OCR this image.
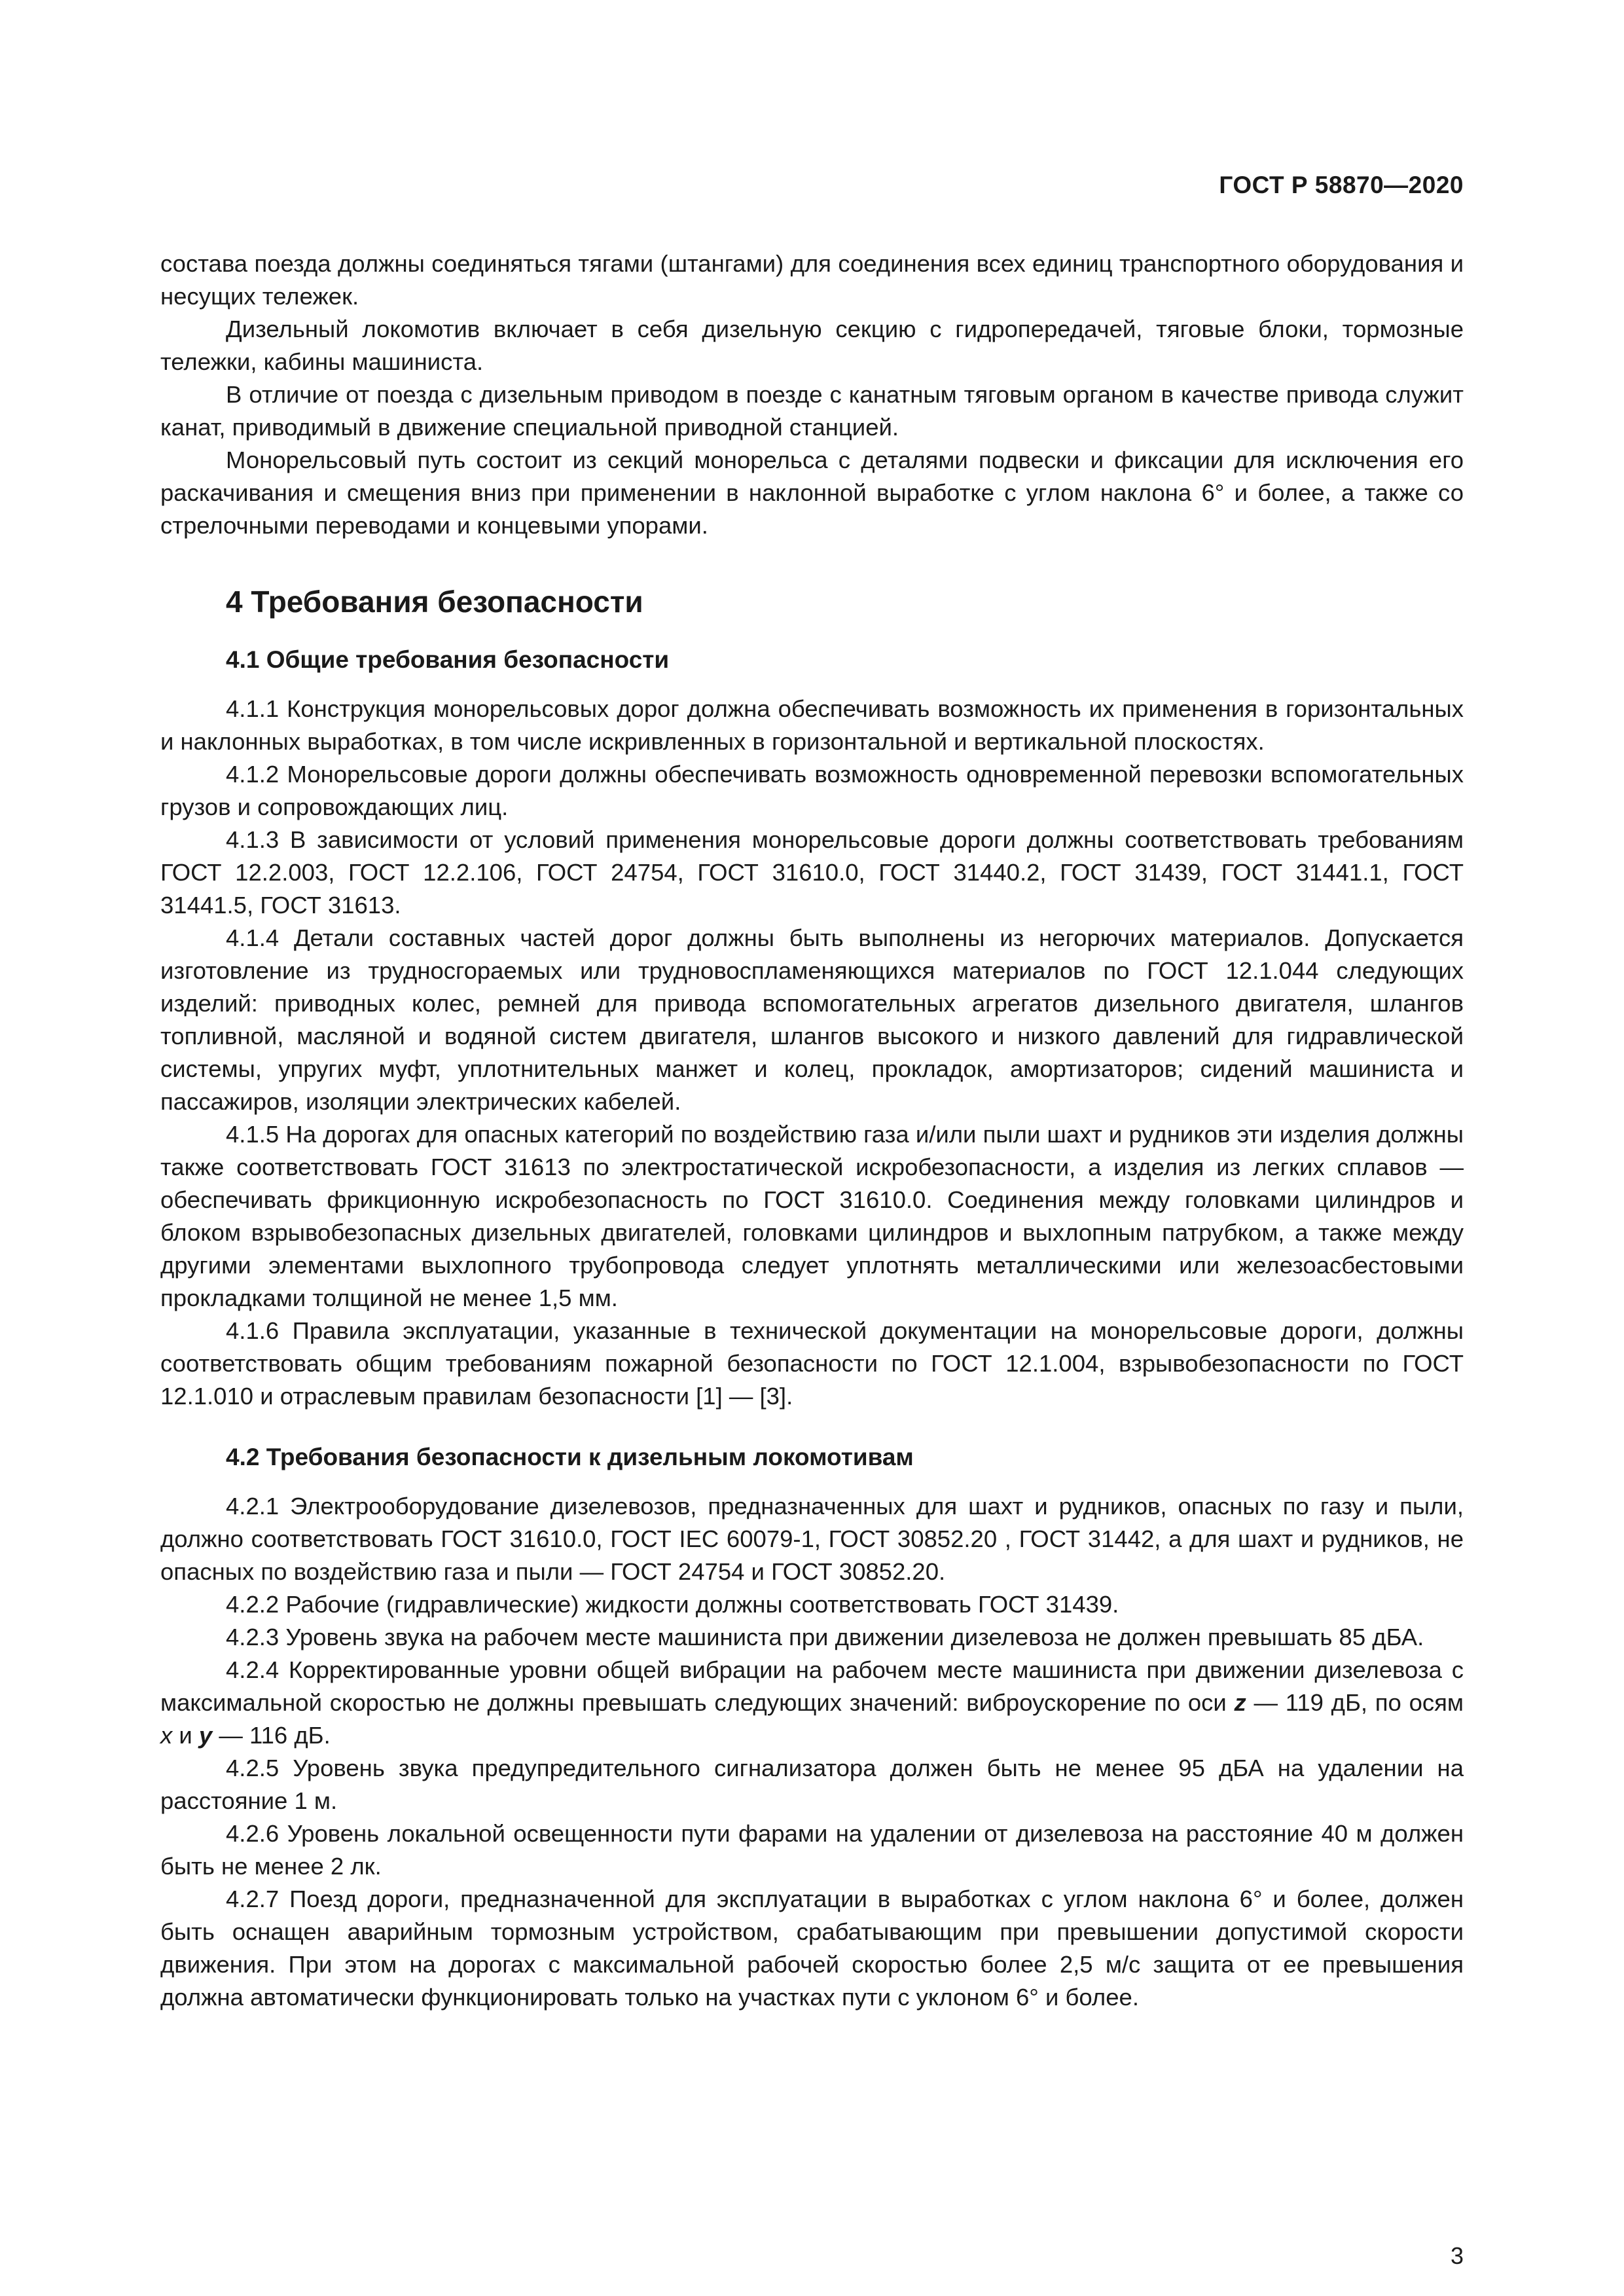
ГОСТ Р 58870—2020

состава поезда должны соединяться тягами (штангами) для соединения всех единиц транспортного оборудования и несущих тележек.

Дизельный локомотив включает в себя дизельную секцию с гидропередачей, тяговые блоки, тормозные тележки, кабины машиниста.

В отличие от поезда с дизельным приводом в поезде с канатным тяговым органом в качестве привода служит канат, приводимый в движение специальной приводной станцией.

Монорельсовый путь состоит из секций монорельса с деталями подвески и фиксации для исключения его раскачивания и смещения вниз при применении в наклонной выработке с углом наклона 6° и более, а также со стрелочными переводами и концевыми упорами.

4 Требования безопасности
4.1 Общие требования безопасности

4.1.1 Конструкция монорельсовых дорог должна обеспечивать возможность их применения в горизонтальных и наклонных выработках, в том числе искривленных в горизонтальной и вертикальной плоскостях.

4.1.2 Монорельсовые дороги должны обеспечивать возможность одновременной перевозки вспомогательных грузов и сопровождающих лиц.

4.1.3 В зависимости от условий применения монорельсовые дороги должны соответствовать требованиям ГОСТ 12.2.003, ГОСТ 12.2.106, ГОСТ 24754, ГОСТ 31610.0, ГОСТ 31440.2, ГОСТ 31439, ГОСТ 31441.1, ГОСТ 31441.5, ГОСТ 31613.

4.1.4 Детали составных частей дорог должны быть выполнены из негорючих материалов. Допускается изготовление из трудносгораемых или трудновоспламеняющихся материалов по ГОСТ 12.1.044 следующих изделий: приводных колес, ремней для привода вспомогательных агрегатов дизельного двигателя, шлангов топливной, масляной и водяной систем двигателя, шлангов высокого и низкого давлений для гидравлической системы, упругих муфт, уплотнительных манжет и колец, прокладок, амортизаторов; сидений машиниста и пассажиров, изоляции электрических кабелей.

4.1.5 На дорогах для опасных категорий по воздействию газа и/или пыли шахт и рудников эти изделия должны также соответствовать ГОСТ 31613 по электростатической искробезопасности, а изделия из легких сплавов — обеспечивать фрикционную искробезопасность по ГОСТ 31610.0. Соединения между головками цилиндров и блоком взрывобезопасных дизельных двигателей, головками цилиндров и выхлопным патрубком, а также между другими элементами выхлопного трубопровода следует уплотнять металлическими или железоасбестовыми прокладками толщиной не менее 1,5 мм.

4.1.6 Правила эксплуатации, указанные в технической документации на монорельсовые дороги, должны соответствовать общим требованиям пожарной безопасности по ГОСТ 12.1.004, взрывобезопасности по ГОСТ 12.1.010 и отраслевым правилам безопасности [1] — [3].

4.2 Требования безопасности к дизельным локомотивам

4.2.1 Электрооборудование дизелевозов, предназначенных для шахт и рудников, опасных по газу и пыли, должно соответствовать ГОСТ 31610.0, ГОСТ IEC 60079-1, ГОСТ 30852.20 , ГОСТ 31442, а для шахт и рудников, не опасных по воздействию газа и пыли — ГОСТ 24754 и ГОСТ 30852.20.

4.2.2 Рабочие (гидравлические) жидкости должны соответствовать ГОСТ 31439.

4.2.3 Уровень звука на рабочем месте машиниста при движении дизелевоза не должен превышать 85 дБА.

4.2.4 Корректированные уровни общей вибрации на рабочем месте машиниста при движении дизелевоза с максимальной скоростью не должны превышать следующих значений: виброускорение по оси z — 119 дБ, по осям x и y — 116 дБ.

4.2.5 Уровень звука предупредительного сигнализатора должен быть не менее 95 дБА на удалении на расстояние 1 м.

4.2.6 Уровень локальной освещенности пути фарами на удалении от дизелевоза на расстояние 40 м должен быть не менее 2 лк.

4.2.7 Поезд дороги, предназначенной для эксплуатации в выработках с углом наклона 6° и более, должен быть оснащен аварийным тормозным устройством, срабатывающим при превышении допустимой скорости движения. При этом на дорогах с максимальной рабочей скоростью более 2,5 м/с защита от ее превышения должна автоматически функционировать только на участках пути с уклоном 6° и более.

3
